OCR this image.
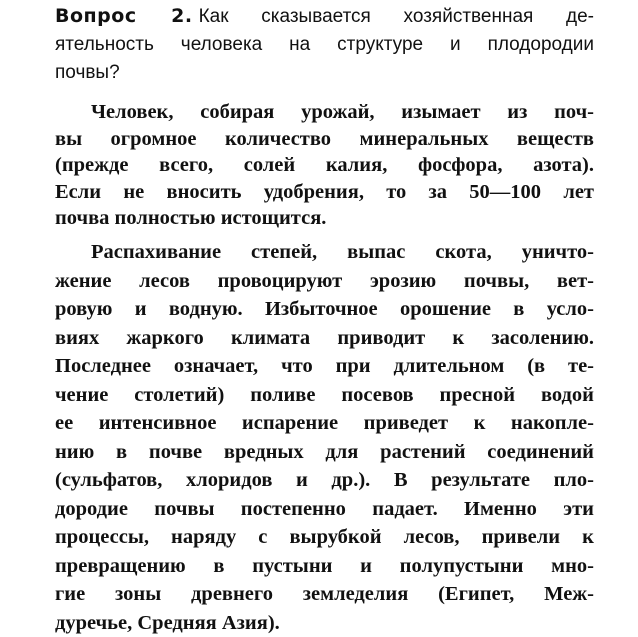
Вопрос 2. Как сказывается хозяйственная де-
ятельность человека на структуре и плодородии
почвы?
Человек, собирая урожай, изымает из поч-
вы огромное количество минеральных веществ
(прежде всего, солей калия, фосфора, азота).
Если не вносить удобрения, то за 50—100 лет
почва полностью истощится.
Распахивание степей, выпас скота, уничто-
жение лесов провоцируют эрозию почвы, вет-
ровую и водную. Избыточное орошение в усло-
виях жаркого климата приводит к засолению.
Последнее означает, что при длительном (в те-
чение столетий) поливе посевов пресной водой
ее интенсивное испарение приведет к накопле-
нию в почве вредных для растений соединений
(сульфатов, хлоридов и др.). В результате пло-
дородие почвы постепенно падает. Именно эти
процессы, наряду с вырубкой лесов, привели к
превращению в пустыни и полупустыни мно-
гие зоны древнего земледелия (Египет, Меж-
дуречье, Средняя Азия).
